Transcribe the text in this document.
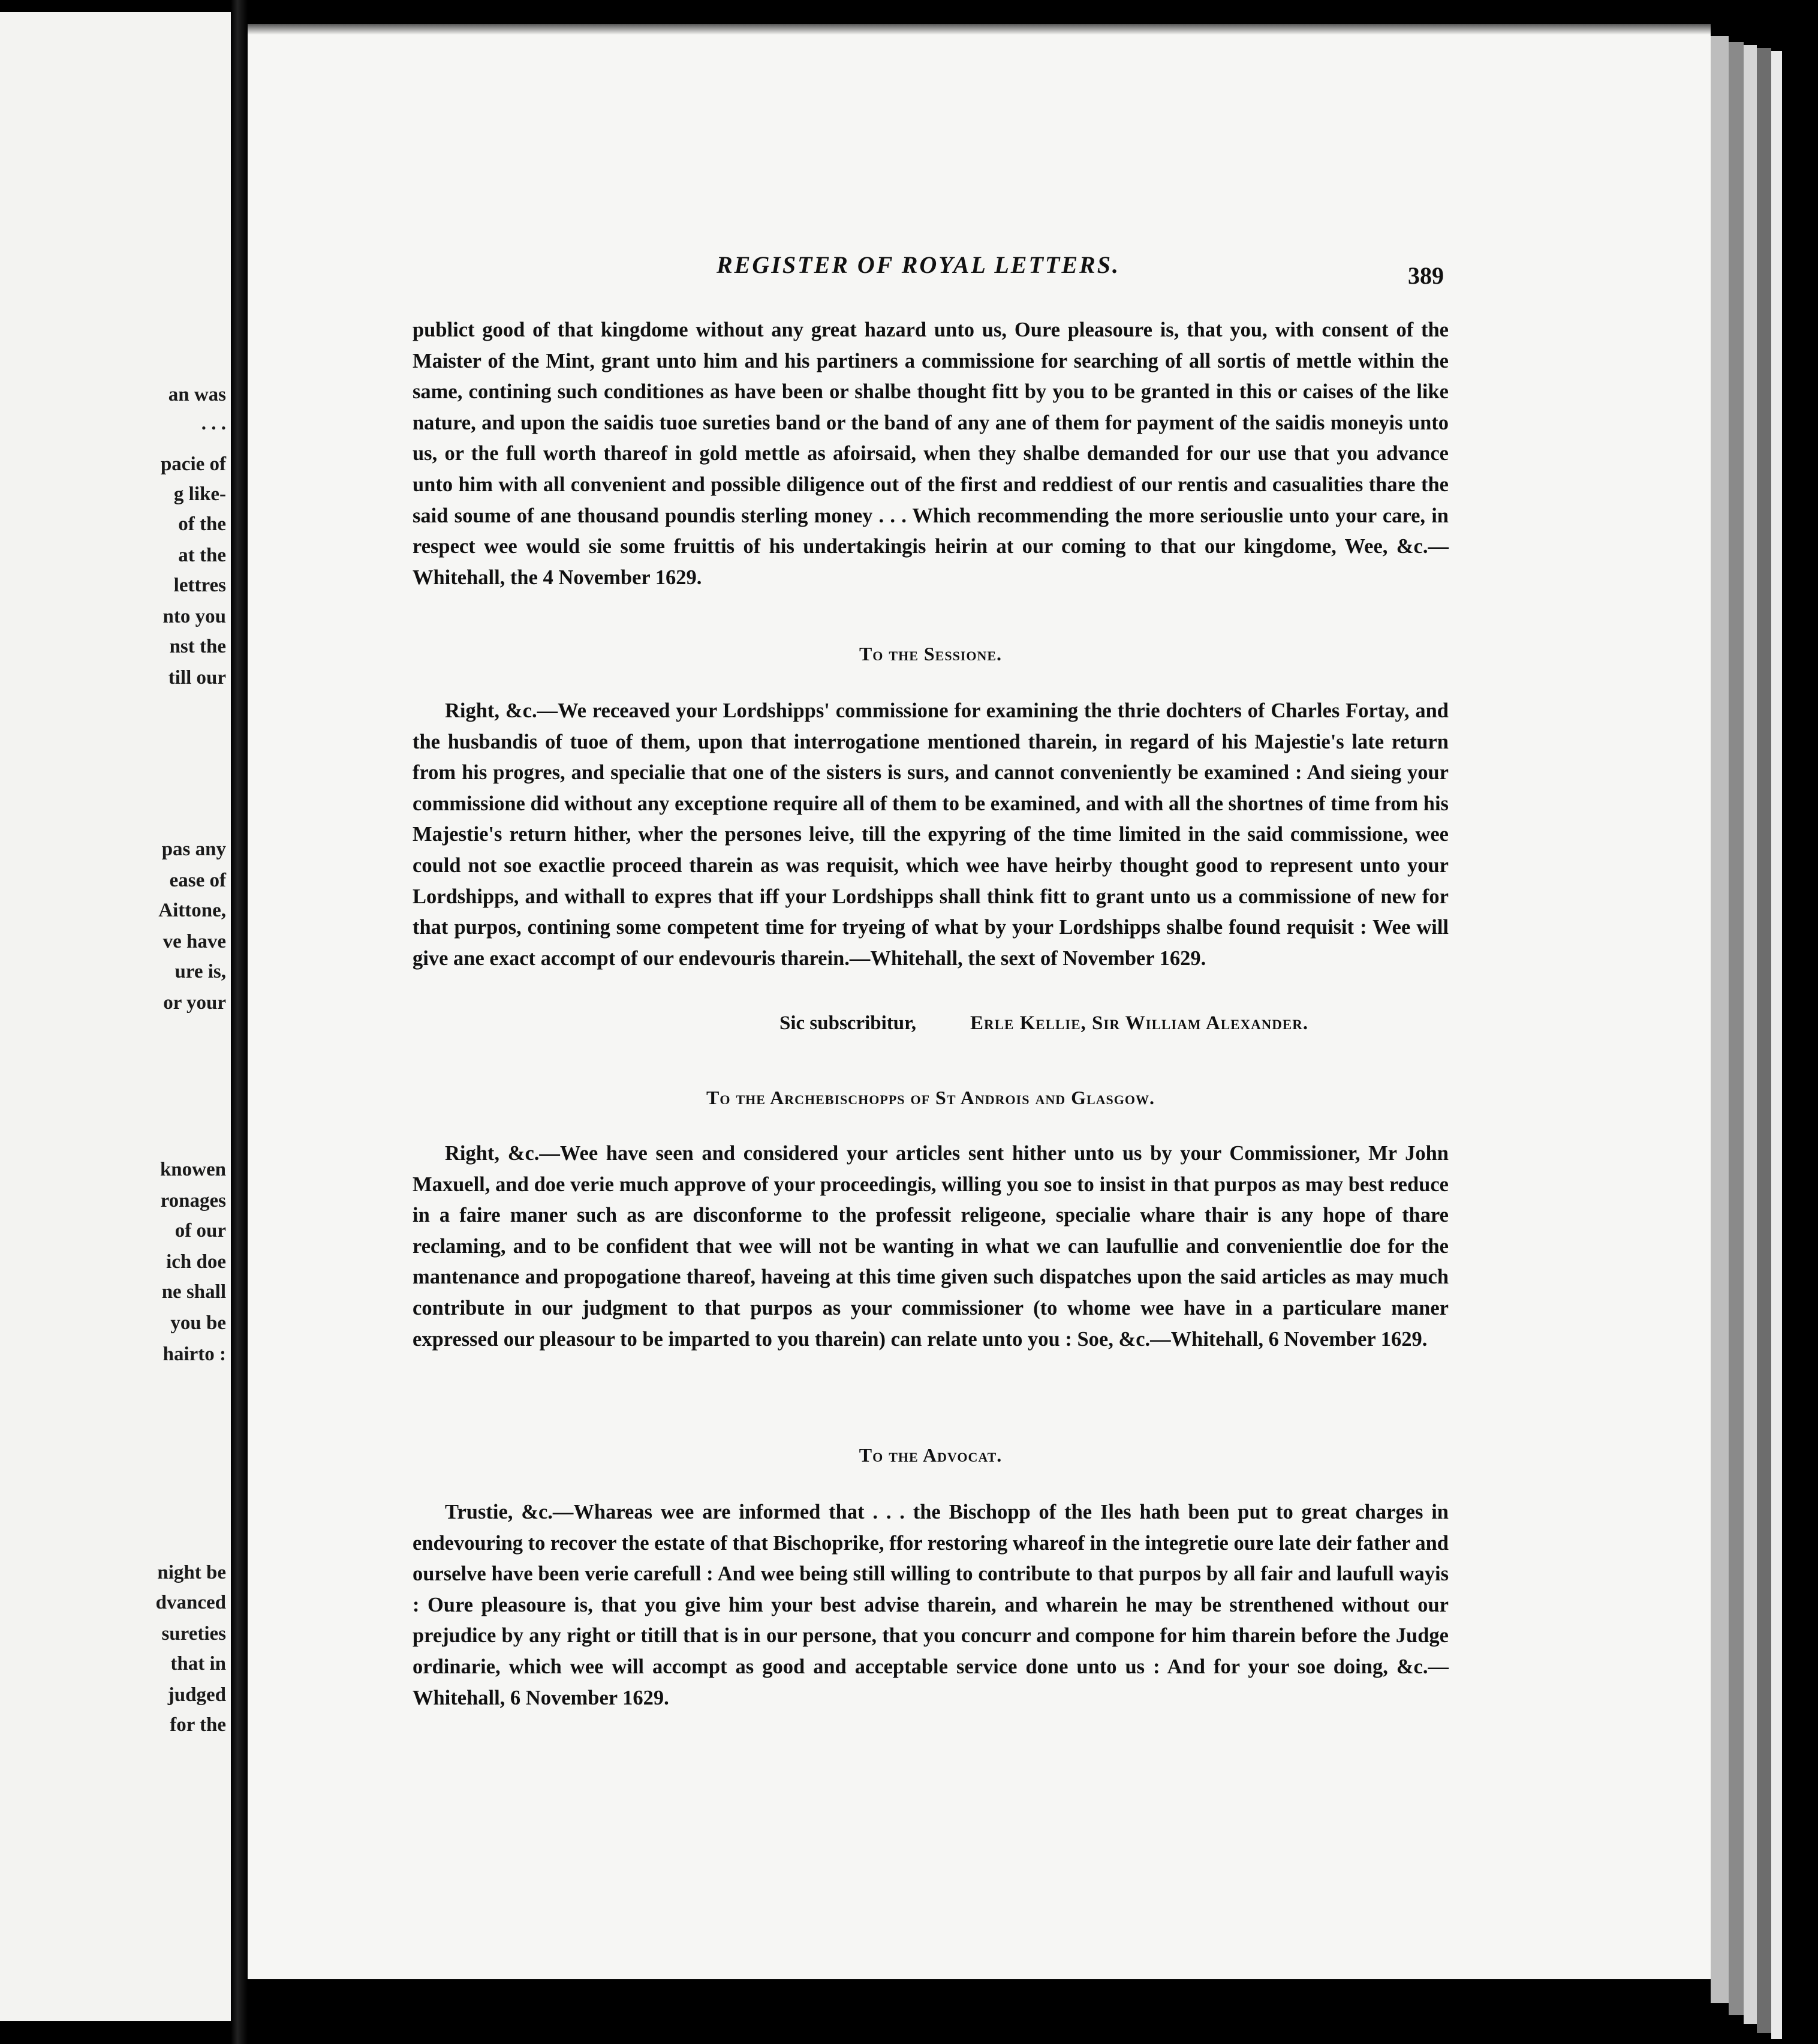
an was
. . .
pacie of
g like-
of the
at the
lettres
nto you
nst the
till our
pas any
ease of
Aittone,
ve have
ure is,
or your
knowen
ronages
of our
ich doe
ne shall
you be
hairto :
night be
dvanced
sureties
that in
judged
for the
REGISTER OF ROYAL LETTERS.	389

publict good of that kingdome without any great hazard unto us, Oure pleasoure is, that you, with consent of the Maister of the Mint, grant unto him and his partiners a commissione for searching of all sortis of mettle within the same, contining such conditiones as have been or shalbe thought fitt by you to be granted in this or caises of the like nature, and upon the saidis tuoe sureties band or the band of any ane of them for payment of the saidis moneyis unto us, or the full worth thareof in gold mettle as afoirsaid, when they shalbe demanded for our use that you advance unto him with all convenient and possible diligence out of the first and reddiest of our rentis and casualities thare the said soume of ane thousand poundis sterling money . . . Which recommending the more seriouslie unto your care, in respect wee would sie some fruittis of his undertakingis heirin at our coming to that our kingdome, Wee, &c.—Whitehall, the 4 November 1629.

To the Sessione.

Right, &c.—We receaved your Lordshipps' commissione for examining the thrie dochters of Charles Fortay, and the husbandis of tuoe of them, upon that interrogatione mentioned tharein, in regard of his Majestie's late return from his progres, and specialie that one of the sisters is surs, and cannot conveniently be examined : And sieing your commissione did without any exceptione require all of them to be examined, and with all the shortnes of time from his Majestie's return hither, wher the persones leive, till the expyring of the time limited in the said commissione, wee could not soe exactlie proceed tharein as was requisit, which wee have heirby thought good to represent unto your Lordshipps, and withall to expres that iff your Lordshipps shall think fitt to grant unto us a commissione of new for that purpos, contining some competent time for tryeing of what by your Lordshipps shalbe found requisit : Wee will give ane exact accompt of our endevouris tharein.—Whitehall, the sext of November 1629.

Sic subscribitur,	Erle Kellie, Sir William Alexander.
To the Archebischopps of St Androis and Glasgow.

Right, &c.—Wee have seen and considered your articles sent hither unto us by your Commissioner, Mr John Maxuell, and doe verie much approve of your proceedingis, willing you soe to insist in that purpos as may best reduce in a faire maner such as are disconforme to the professit religeone, specialie whare thair is any hope of thare reclaming, and to be confident that wee will not be wanting in what we can laufullie and convenientlie doe for the mantenance and propogatione thareof, haveing at this time given such dispatches upon the said articles as may much contribute in our judgment to that purpos as your commissioner (to whome wee have in a particulare maner expressed our pleasour to be imparted to you tharein) can relate unto you : Soe, &c.—Whitehall, 6 November 1629.

To the Advocat.

Trustie, &c.—Whareas wee are informed that . . . the Bischopp of the Iles hath been put to great charges in endevouring to recover the estate of that Bischoprike, ffor restoring whareof in the integretie oure late deir father and ourselve have been verie carefull : And wee being still willing to contribute to that purpos by all fair and laufull wayis : Oure pleasoure is, that you give him your best advise tharein, and wharein he may be strenthened without our prejudice by any right or titill that is in our persone, that you concurr and compone for him tharein before the Judge ordinarie, which wee will accompt as good and acceptable service done unto us : And for your soe doing, &c.—Whitehall, 6 November 1629.
